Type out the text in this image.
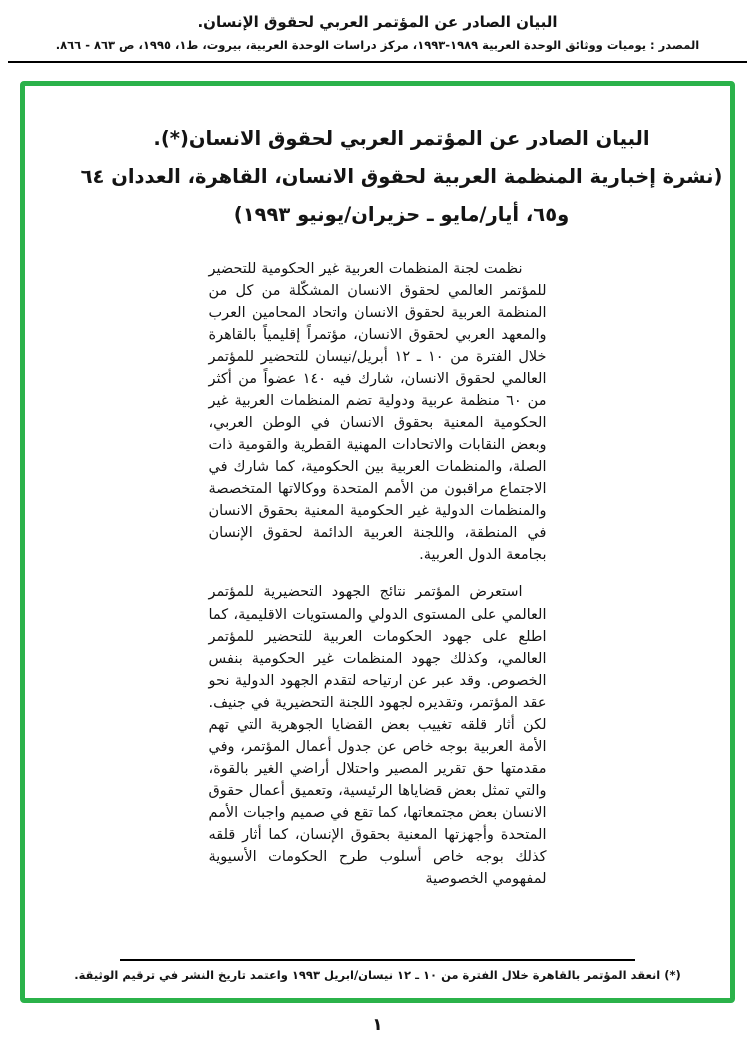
البيان الصادر عن المؤتمر العربي لحقوق الإنسان.
المصدر : يوميات ووثائق الوحدة العربية ١٩٨٩-١٩٩٣، مركز دراسات الوحدة العربية، بيروت، ط١، ١٩٩٥، ص ٨٦٣ - ٨٦٦.
البيان الصادر عن المؤتمر العربي لحقوق الانسان(*).
(نشرة إخبارية المنظمة العربية لحقوق الانسان، القاهرة، العددان ٦٤
و٦٥، أيار/مايو ـ حزيران/يونيو ١٩٩٣)

نظمت لجنة المنظمات العربية غير الحكومية للتحضير للمؤتمر العالمي لحقوق الانسان المشكّلة من كل من المنظمة العربية لحقوق الانسان واتحاد المحامين العرب والمعهد العربي لحقوق الانسان، مؤتمراً إقليمياً بالقاهرة خلال الفترة من ١٠ ـ ١٢ أبريل/نيسان للتحضير للمؤتمر العالمي لحقوق الانسان، شارك فيه ١٤٠ عضواً من أكثر من ٦٠ منظمة عربية ودولية تضم المنظمات العربية غير الحكومية المعنية بحقوق الانسان في الوطن العربي، وبعض النقابات والاتحادات المهنية القطرية والقومية ذات الصلة، والمنظمات العربية بين الحكومية، كما شارك في الاجتماع مراقبون من الأمم المتحدة ووكالاتها المتخصصة والمنظمات الدولية غير الحكومية المعنية بحقوق الانسان في المنطقة، واللجنة العربية الدائمة لحقوق الإنسان بجامعة الدول العربية.

استعرض المؤتمر نتائج الجهود التحضيرية للمؤتمر العالمي على المستوى الدولي والمستويات الاقليمية، كما اطلع على جهود الحكومات العربية للتحضير للمؤتمر العالمي، وكذلك جهود المنظمات غير الحكومية بنفس الخصوص. وقد عبر عن ارتياحه لتقدم الجهود الدولية نحو عقد المؤتمر، وتقديره لجهود اللجنة التحضيرية في جنيف. لكن أثار قلقه تغييب بعض القضايا الجوهرية التي تهم الأمة العربية بوجه خاص عن جدول أعمال المؤتمر، وفي مقدمتها حق تقرير المصير واحتلال أراضي الغير بالقوة، والتي تمثل بعض قضاياها الرئيسية، وتعميق أعمال حقوق الانسان بعض مجتمعاتها، كما تقع في صميم واجبات الأمم المتحدة وأجهزتها المعنية بحقوق الإنسان، كما أثار قلقه كذلك بوجه خاص أسلوب طرح الحكومات الأسيوية لمفهومي الخصوصية

(*) انعقد المؤتمر بالقاهرة خلال الفترة من ١٠ ـ ١٢ نيسان/ابريل ١٩٩٣ واعتمد تاريخ النشر في ترقيم الوثيقة.
١
